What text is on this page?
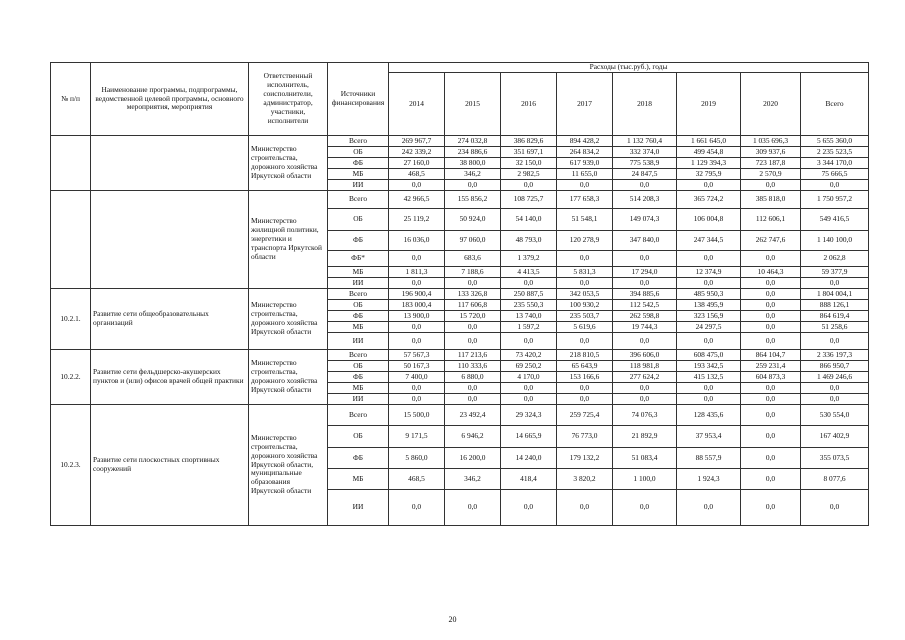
№ п/п	Наименование программы, подпрограммы, ведомственной целевой программы, основного мероприятия, мероприятия	Ответственный исполнитель, соисполнители, администратор, участники, исполнители	Источники финансирования	Расходы (тыс.руб.), годы							
				2014	2015	2016	2017	2018	2019	2020	Всего
		Министерство строительства, дорожного хозяйства Иркутской области	Всего	269 967,7	274 032,8	386 829,6	894 428,2	1 132 760,4	1 661 645,0	1 035 696,3	5 655 360,0
			ОБ	242 339,2	234 886,6	351 697,1	264 834,2	332 374,0	499 454,8	309 937,6	2 235 523,5
			ФБ	27 160,0	38 800,0	32 150,0	617 939,0	775 538,9	1 129 394,3	723 187,8	3 344 170,0
			МБ	468,5	346,2	2 982,5	11 655,0	24 847,5	32 795,9	2 570,9	75 666,5
			ИИ	0,0	0,0	0,0	0,0	0,0	0,0	0,0	0,0
		Министерство жилищной политики, энергетики и транспорта Иркутской области	Всего	42 966,5	155 856,2	108 725,7	177 658,3	514 208,3	365 724,2	385 818,0	1 750 957,2
			ОБ	25 119,2	50 924,0	54 140,0	51 548,1	149 074,3	106 004,8	112 606,1	549 416,5
			ФБ	16 036,0	97 060,0	48 793,0	120 278,9	347 840,0	247 344,5	262 747,6	1 140 100,0
			ФБ*	0,0	683,6	1 379,2	0,0	0,0	0,0	0,0	2 062,8
			МБ	1 811,3	7 188,6	4 413,5	5 831,3	17 294,0	12 374,9	10 464,3	59 377,9
			ИИ	0,0	0,0	0,0	0,0	0,0	0,0	0,0	0,0
10.2.1.	Развитие сети общеобразовательных организаций	Министерство строительства, дорожного хозяйства Иркутской области	Всего	196 900,4	133 326,8	250 887,5	342 053,5	394 885,6	485 950,3	0,0	1 804 004,1
			ОБ	183 000,4	117 606,8	235 550,3	100 930,2	112 542,5	138 495,9	0,0	888 126,1
			ФБ	13 900,0	15 720,0	13 740,0	235 503,7	262 598,8	323 156,9	0,0	864 619,4
			МБ	0,0	0,0	1 597,2	5 619,6	19 744,3	24 297,5	0,0	51 258,6
			ИИ	0,0	0,0	0,0	0,0	0,0	0,0	0,0	0,0
10.2.2.	Развитие сети фельдшерско-акушерских пунктов и (или) офисов врачей общей практики	Министерство строительства, дорожного хозяйства Иркутской области	Всего	57 567,3	117 213,6	73 420,2	218 810,5	396 606,0	608 475,0	864 104,7	2 336 197,3
			ОБ	50 167,3	110 333,6	69 250,2	65 643,9	118 981,8	193 342,5	259 231,4	866 950,7
			ФБ	7 400,0	6 880,0	4 170,0	153 166,6	277 624,2	415 132,5	604 873,3	1 469 246,6
			МБ	0,0	0,0	0,0	0,0	0,0	0,0	0,0	0,0
			ИИ	0,0	0,0	0,0	0,0	0,0	0,0	0,0	0,0
10.2.3.	Развитие сети плоскостных спортивных сооружений	Министерство строительства, дорожного хозяйства Иркутской области, муниципальные образования Иркутской области	Всего	15 500,0	23 492,4	29 324,3	259 725,4	74 076,3	128 435,6	0,0	530 554,0
			ОБ	9 171,5	6 946,2	14 665,9	76 773,0	21 892,9	37 953,4	0,0	167 402,9
			ФБ	5 860,0	16 200,0	14 240,0	179 132,2	51 083,4	88 557,9	0,0	355 073,5
			МБ	468,5	346,2	418,4	3 820,2	1 100,0	1 924,3	0,0	8 077,6
			ИИ	0,0	0,0	0,0	0,0	0,0	0,0	0,0	0,0
20
